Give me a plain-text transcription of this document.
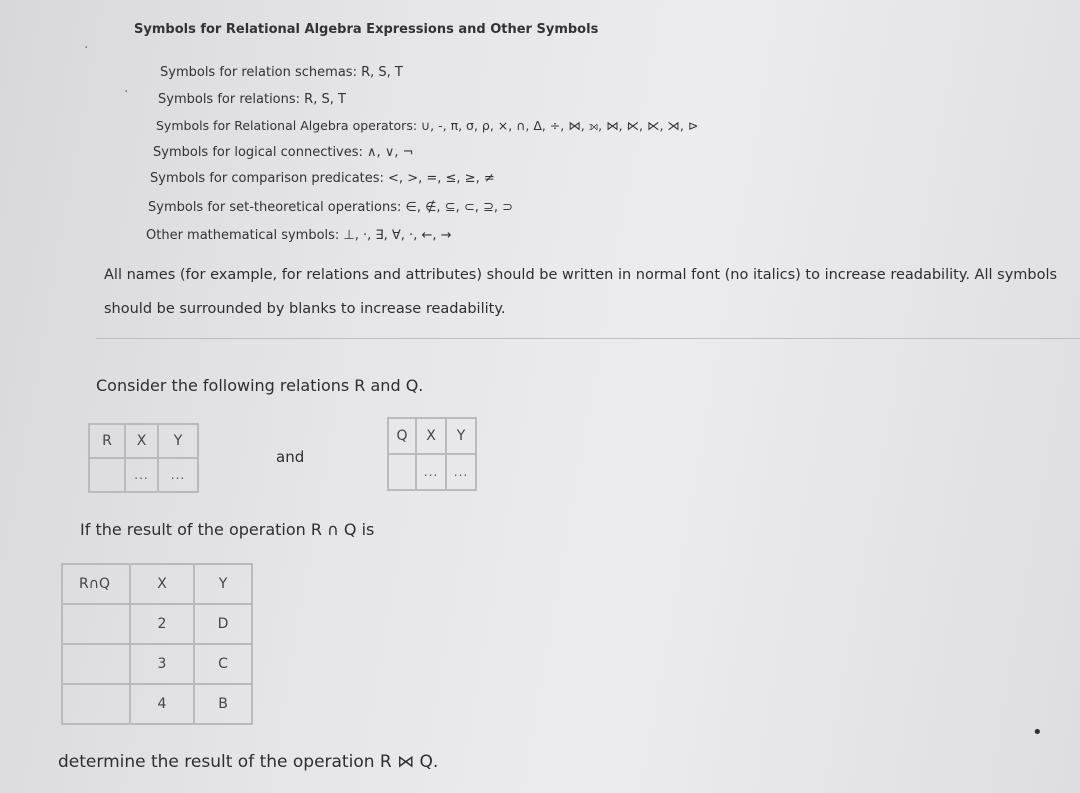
Symbols for Relational Algebra Expressions and Other Symbols
Symbols for relation schemas: R, S, T
Symbols for relations: R, S, T
Symbols for Relational Algebra operators: ∪, -, π, σ, ρ, ×, ∩, Δ, ÷, ⋈, ⟕, ⋈, ⋉, ⋉, ⋊, ⊳
Symbols for logical connectives: ∧, ∨, ¬
Symbols for comparison predicates: <, >, =, ≤, ≥, ≠
Symbols for set-theoretical operations: ∈, ∉, ⊆, ⊂, ⊇, ⊃
Other mathematical symbols: ⊥, ·, ∃, ∀, ·, ←, →
All names (for example, for relations and attributes) should be written in normal font (no italics) to increase readability. All symbols should be surrounded by blanks to increase readability.
Consider the following relations R and Q.
R	X	Y
	...	...
and
Q	X	Y
	...	...
If the result of the operation R ∩ Q is
R∩Q	X	Y
	2	D
	3	C
	4	B
determine the result of the operation R ⋈ Q.
·
·
•
